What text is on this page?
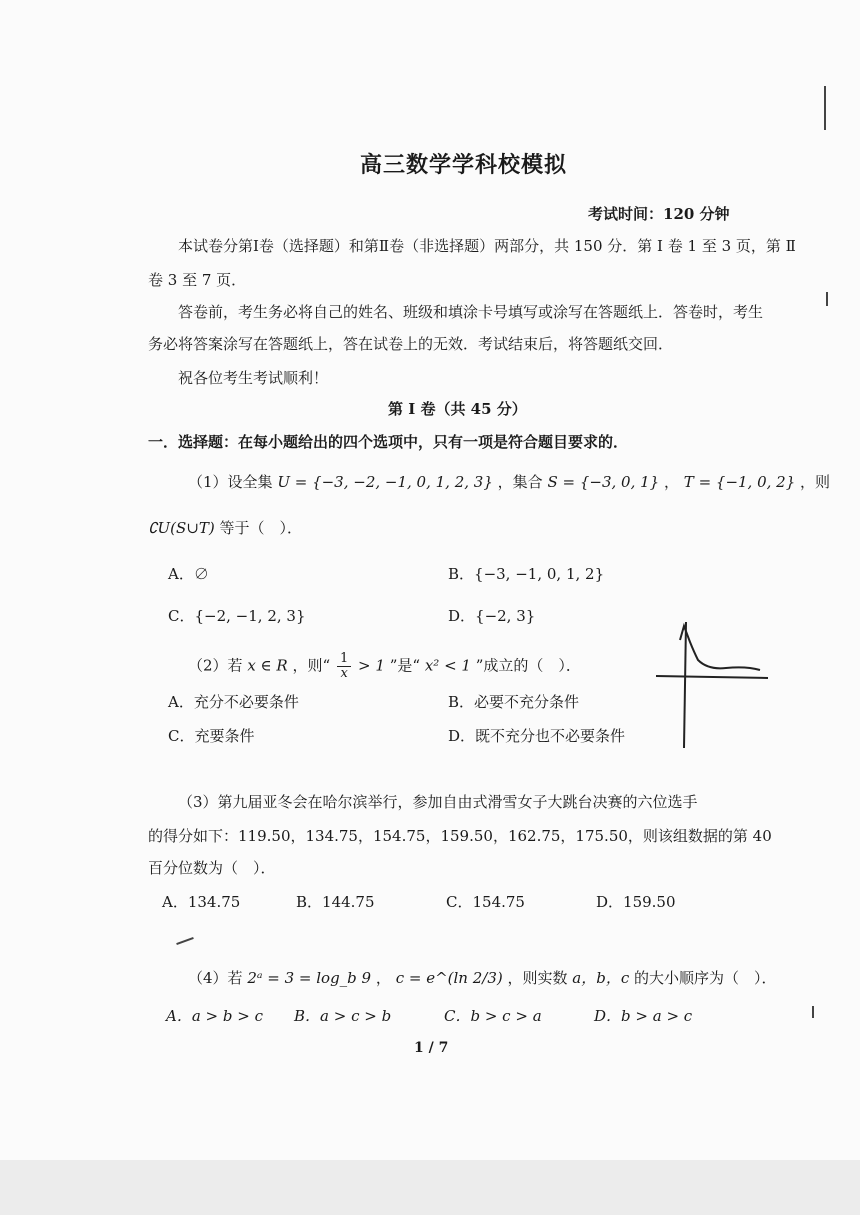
高三数学学科校模拟
考试时间：120 分钟
本试卷分第Ⅰ卷（选择题）和第Ⅱ卷（非选择题）两部分，共 150 分．第 Ⅰ 卷 1 至 3 页，第 Ⅱ
卷 3 至 7 页．
答卷前，考生务必将自己的姓名、班级和填涂卡号填写或涂写在答题纸上．答卷时，考生
务必将答案涂写在答题纸上，答在试卷上的无效．考试结束后，将答题纸交回．
祝各位考生考试顺利！
第 Ⅰ 卷（共 45 分）
一．选择题：在每小题给出的四个选项中，只有一项是符合题目要求的．
（1）设全集 U = {−3, −2, −1, 0, 1, 2, 3} ，集合 S = {−3, 0, 1} ， T = {−1, 0, 2} ，则
∁U(S∪T) 等于（　）．
A．∅	B．{−3, −1, 0, 1, 2}
C．{−2, −1, 2, 3}	D．{−2, 3}
（2）若 x ∈ R ，则“ $\frac{1}{x} > 1$ ”是“ x² < 1 ”成立的（　）．
A．充分不必要条件	B．必要不充分条件
C．充要条件	D．既不充分也不必要条件
（3）第九届亚冬会在哈尔滨举行，参加自由式滑雪女子大跳台决赛的六位选手
的得分如下：119.50，134.75，154.75，159.50，162.75，175.50，则该组数据的第 40
百分位数为（　）．
A．134.75	B．144.75	C．154.75	D．159.50
（4）若 2ᵃ = 3 = log_b 9 ， c = e^(ln 2/3) ，则实数 a，b，c 的大小顺序为（　）．
A．a > b > c B．a > c > b	C．b > c > a	D．b > a > c
1 / 7
